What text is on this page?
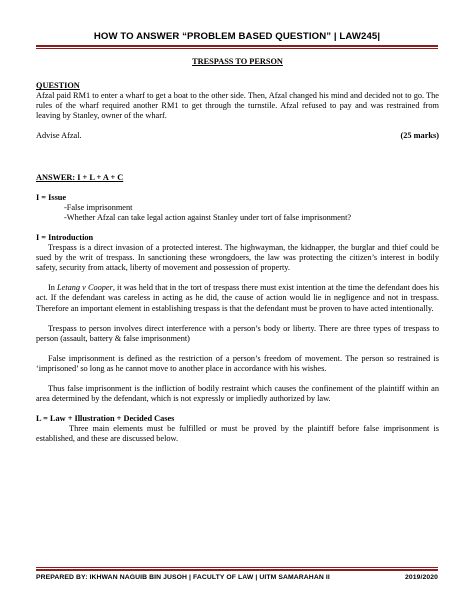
HOW TO ANSWER “PROBLEM BASED QUESTION” | LAW245|

TRESPASS TO PERSON

QUESTION

Afzal paid RM1 to enter a wharf to get a boat to the other side. Then, Afzal changed his mind and decided not to go. The rules of the wharf required another RM1 to get through the turnstile. Afzal refused to pay and was restrained from leaving by Stanley, owner of the wharf.

Advise Afzal.	(25 marks)

ANSWER: I + L + A + C

I = Issue

-False imprisonment

-Whether Afzal can take legal action against Stanley under tort of false imprisonment?

I = Introduction

Trespass is a direct invasion of a protected interest. The highwayman, the kidnapper, the burglar and thief could be sued by the writ of trespass. In sanctioning these wrongdoers, the law was protecting the citizen’s interest in bodily safety, security from attack, liberty of movement and possession of property.

In Letang v Cooper, it was held that in the tort of trespass there must exist intention at the time the defendant does his act. If the defendant was careless in acting as he did, the cause of action would lie in negligence and not in trespass. Therefore an important element in establishing trespass is that the defendant must be proven to have acted intentionally.

Trespass to person involves direct interference with a person’s body or liberty. There are three types of trespass to person (assault, battery & false imprisonment)

False imprisonment is defined as the restriction of a person’s freedom of movement. The person so restrained is ‘imprisoned’ so long as he cannot move to another place in accordance with his wishes.

Thus false imprisonment is the infliction of bodily restraint which causes the confinement of the plaintiff within an area determined by the defendant, which is not expressly or impliedly authorized by law.

L = Law + Illustration + Decided Cases

Three main elements must be fulfilled or must be proved by the plaintiff before false imprisonment is established, and these are discussed below.

PREPARED BY: IKHWAN NAGUIB BIN JUSOH | FACULTY OF LAW | UITM SAMARAHAN II	2019/2020
